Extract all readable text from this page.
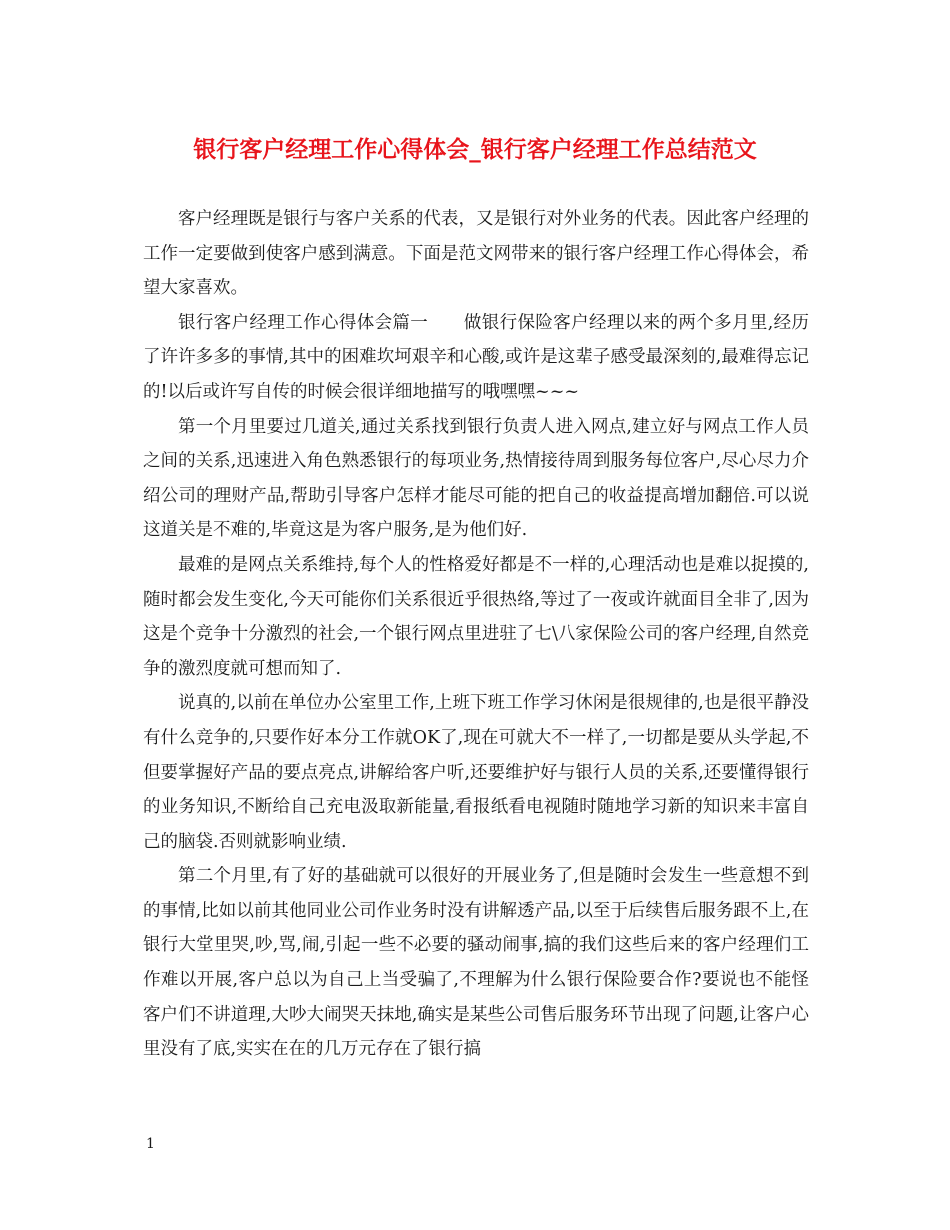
银行客户经理工作心得体会_银行客户经理工作总结范文

客户经理既是银行与客户关系的代表，又是银行对外业务的代表。因此客户经理的工作一定要做到使客户感到满意。下面是范文网带来的银行客户经理工作心得体会，希望大家喜欢。

银行客户经理工作心得体会篇一　　做银行保险客户经理以来的两个多月里,经历了许许多多的事情,其中的困难坎坷艰辛和心酸,或许是这辈子感受最深刻的,最难得忘记的!以后或许写自传的时候会很详细地描写的哦嘿嘿~~~

第一个月里要过几道关,通过关系找到银行负责人进入网点,建立好与网点工作人员之间的关系,迅速进入角色熟悉银行的每项业务,热情接待周到服务每位客户,尽心尽力介绍公司的理财产品,帮助引导客户怎样才能尽可能的把自己的收益提高增加翻倍.可以说这道关是不难的,毕竟这是为客户服务,是为他们好.

最难的是网点关系维持,每个人的性格爱好都是不一样的,心理活动也是难以捉摸的,随时都会发生变化,今天可能你们关系很近乎很热络,等过了一夜或许就面目全非了,因为这是个竞争十分激烈的社会,一个银行网点里进驻了七\八家保险公司的客户经理,自然竞争的激烈度就可想而知了.

说真的,以前在单位办公室里工作,上班下班工作学习休闲是很规律的,也是很平静没有什么竞争的,只要作好本分工作就OK了,现在可就大不一样了,一切都是要从头学起,不但要掌握好产品的要点亮点,讲解给客户听,还要维护好与银行人员的关系,还要懂得银行的业务知识,不断给自己充电汲取新能量,看报纸看电视随时随地学习新的知识来丰富自己的脑袋.否则就影响业绩.

第二个月里,有了好的基础就可以很好的开展业务了,但是随时会发生一些意想不到的事情,比如以前其他同业公司作业务时没有讲解透产品,以至于后续售后服务跟不上,在银行大堂里哭,吵,骂,闹,引起一些不必要的骚动闹事,搞的我们这些后来的客户经理们工作难以开展,客户总以为自己上当受骗了,不理解为什么银行保险要合作?要说也不能怪客户们不讲道理,大吵大闹哭天抹地,确实是某些公司售后服务环节出现了问题,让客户心里没有了底,实实在在的几万元存在了银行搞

1
